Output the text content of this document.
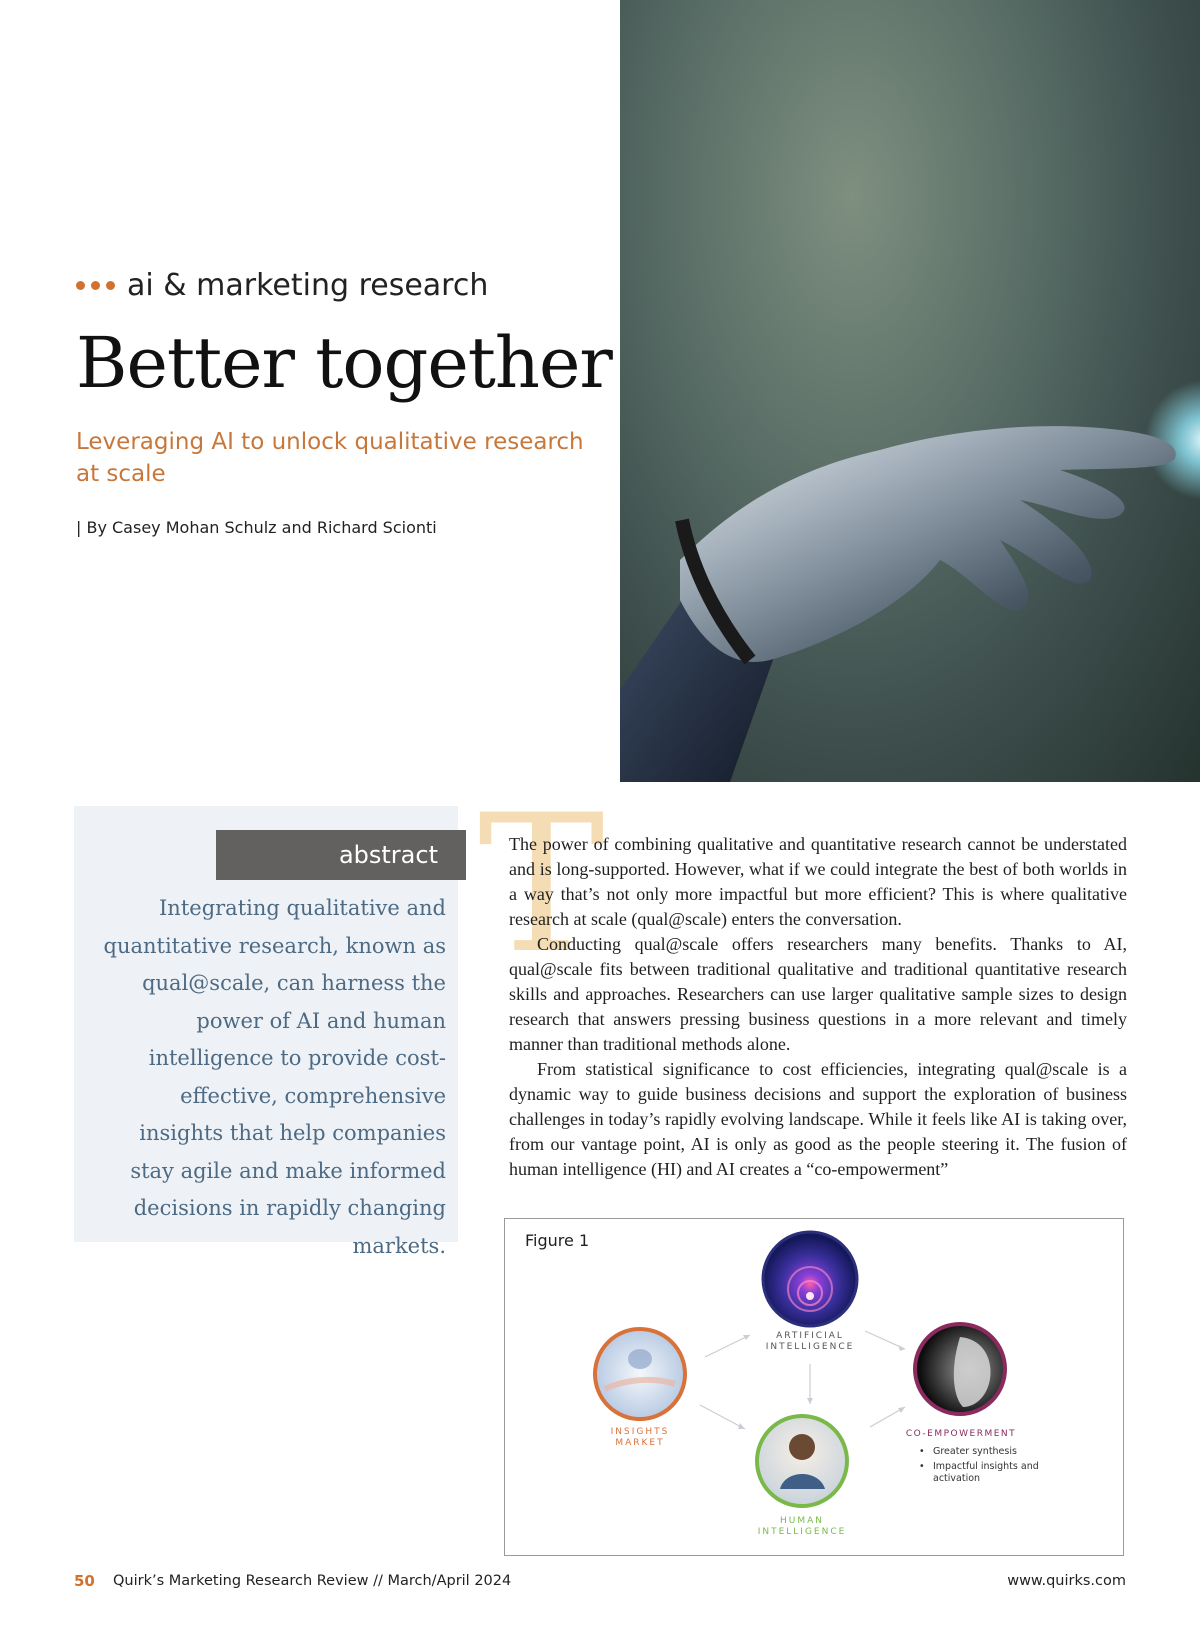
ai & marketing research
Better together

Leveraging AI to unlock qualitative research at scale

| By Casey Mohan Schulz and Richard Scionti
abstract

Integrating qualitative and quantitative research, known as qual@scale, can harness the power of AI and human intelligence to provide cost-effective, comprehensive insights that help companies stay agile and make informed decisions in rapidly changing markets.

T

The power of combining qualitative and quantitative research cannot be understated and is long-supported. However, what if we could integrate the best of both worlds in a way that’s not only more impactful but more efficient? This is where qualitative research at scale (qual@scale) enters the conversation.

Conducting qual@scale offers researchers many benefits. Thanks to AI, qual@scale fits between traditional qualitative and traditional quantitative research skills and approaches. Researchers can use larger qualitative sample sizes to design research that answers pressing business questions in a more relevant and timely manner than traditional methods alone.

From statistical significance to cost efficiencies, integrating qual@scale is a dynamic way to guide business decisions and support the exploration of business challenges in today’s rapidly evolving landscape. While it feels like AI is taking over, from our vantage point, AI is only as good as the people steering it. The fusion of human intelligence (HI) and AI creates a “co-empowerment”

Figure 1
ARTIFICIAL INTELLIGENCE
INSIGHTS MARKET
HUMAN INTELLIGENCE
CO-EMPOWERMENT
• Greater synthesis
• Impactful insights and activation
50 Quirk’s Marketing Research Review // March/April 2024	www.quirks.com
